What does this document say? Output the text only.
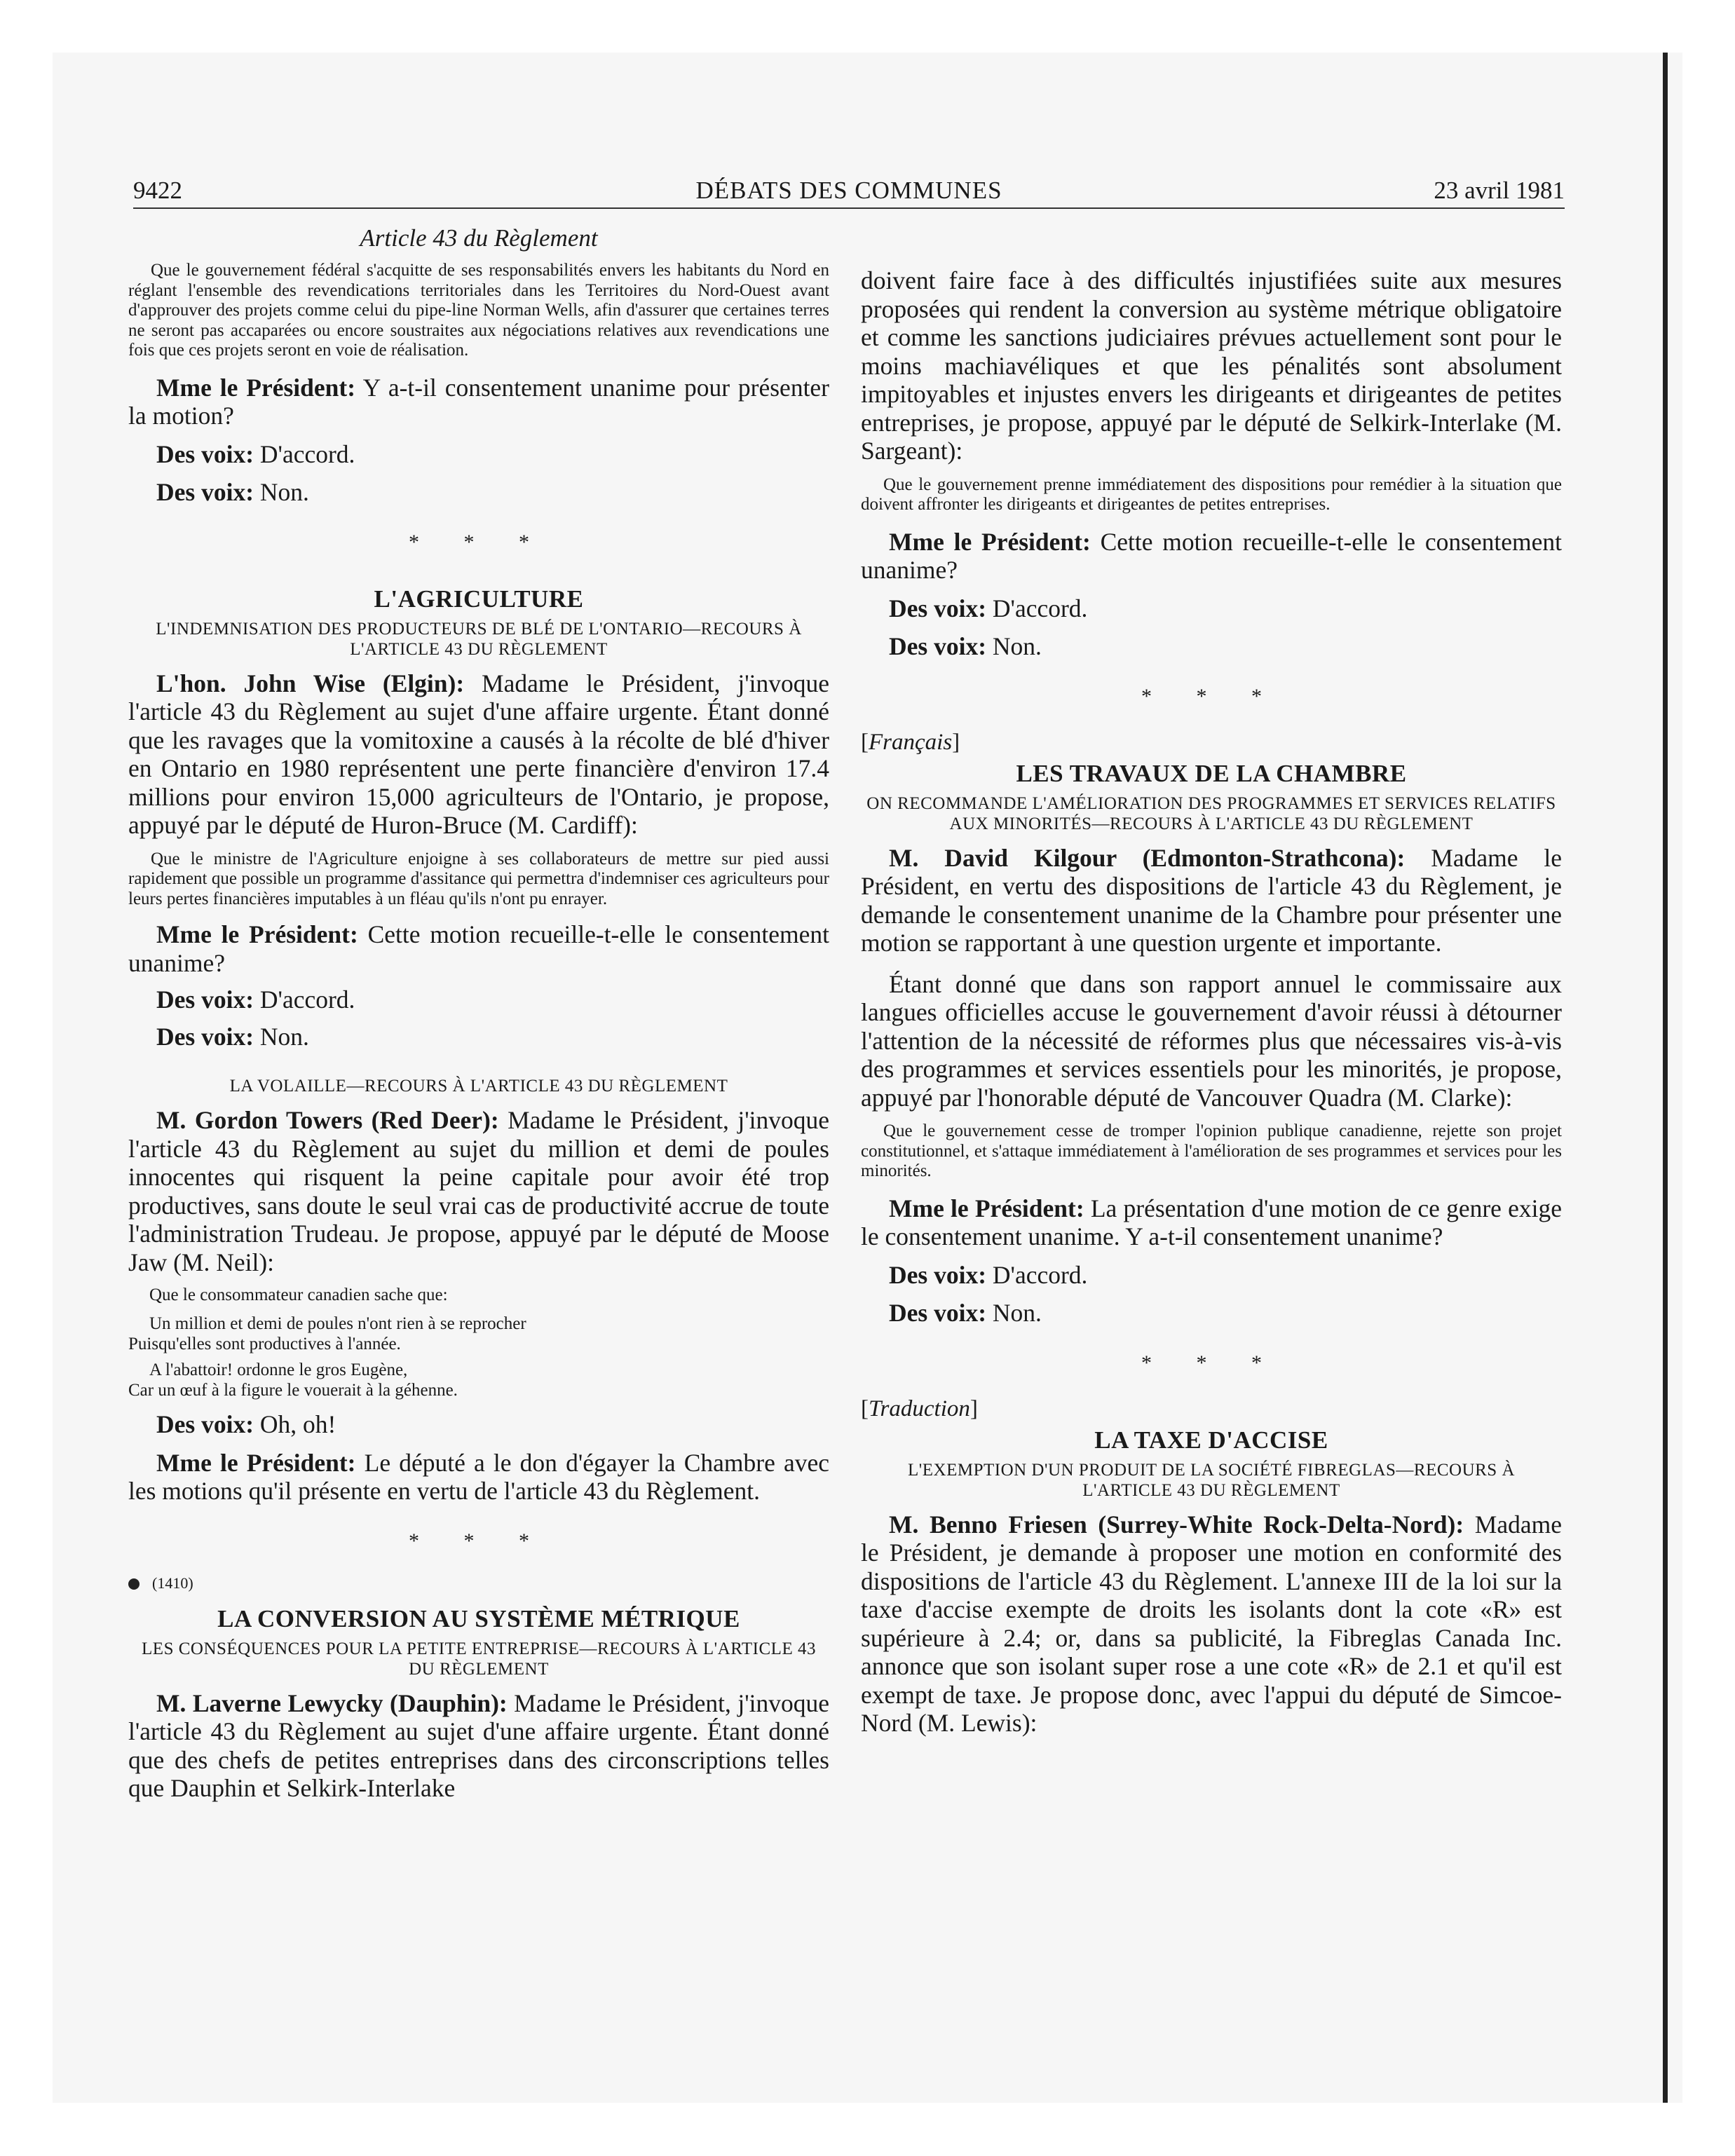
9422	DÉBATS DES COMMUNES	23 avril 1981

Article 43 du Règlement

Que le gouvernement fédéral s'acquitte de ses responsabilités envers les habitants du Nord en réglant l'ensemble des revendications territoriales dans les Territoires du Nord-Ouest avant d'approuver des projets comme celui du pipe-line Norman Wells, afin d'assurer que certaines terres ne seront pas accaparées ou encore soustraites aux négociations relatives aux revendications une fois que ces projets seront en voie de réalisation.

Mme le Président: Y a-t-il consentement unanime pour présenter la motion?

Des voix: D'accord.

Des voix: Non.

* * *

L'AGRICULTURE

L'INDEMNISATION DES PRODUCTEURS DE BLÉ DE L'ONTARIO—RECOURS À L'ARTICLE 43 DU RÈGLEMENT

L'hon. John Wise (Elgin): Madame le Président, j'invoque l'article 43 du Règlement au sujet d'une affaire urgente. Étant donné que les ravages que la vomitoxine a causés à la récolte de blé d'hiver en Ontario en 1980 représentent une perte financière d'environ 17.4 millions pour environ 15,000 agriculteurs de l'Ontario, je propose, appuyé par le député de Huron-Bruce (M. Cardiff):

Que le ministre de l'Agriculture enjoigne à ses collaborateurs de mettre sur pied aussi rapidement que possible un programme d'assitance qui permettra d'indemniser ces agriculteurs pour leurs pertes financières imputables à un fléau qu'ils n'ont pu enrayer.

Mme le Président: Cette motion recueille-t-elle le consentement unanime?

Des voix: D'accord.

Des voix: Non.

LA VOLAILLE—RECOURS À L'ARTICLE 43 DU RÈGLEMENT

M. Gordon Towers (Red Deer): Madame le Président, j'invoque l'article 43 du Règlement au sujet du million et demi de poules innocentes qui risquent la peine capitale pour avoir été trop productives, sans doute le seul vrai cas de productivité accrue de toute l'administration Trudeau. Je propose, appuyé par le député de Moose Jaw (M. Neil):

Que le consommateur canadien sache que:

Un million et demi de poules n'ont rien à se reprocher

Puisqu'elles sont productives à l'année.

A l'abattoir! ordonne le gros Eugène,

Car un œuf à la figure le vouerait à la géhenne.

Des voix: Oh, oh!

Mme le Président: Le député a le don d'égayer la Chambre avec les motions qu'il présente en vertu de l'article 43 du Règlement.

* * *

(1410)

LA CONVERSION AU SYSTÈME MÉTRIQUE

LES CONSÉQUENCES POUR LA PETITE ENTREPRISE—RECOURS À L'ARTICLE 43 DU RÈGLEMENT

M. Laverne Lewycky (Dauphin): Madame le Président, j'invoque l'article 43 du Règlement au sujet d'une affaire urgente. Étant donné que des chefs de petites entreprises dans des circonscriptions telles que Dauphin et Selkirk-Interlake

doivent faire face à des difficultés injustifiées suite aux mesures proposées qui rendent la conversion au système métrique obligatoire et comme les sanctions judiciaires prévues actuellement sont pour le moins machiavéliques et que les pénalités sont absolument impitoyables et injustes envers les dirigeants et dirigeantes de petites entreprises, je propose, appuyé par le député de Selkirk-Interlake (M. Sargeant):

Que le gouvernement prenne immédiatement des dispositions pour remédier à la situation que doivent affronter les dirigeants et dirigeantes de petites entreprises.

Mme le Président: Cette motion recueille-t-elle le consentement unanime?

Des voix: D'accord.

Des voix: Non.

* * *

[Français]

LES TRAVAUX DE LA CHAMBRE

ON RECOMMANDE L'AMÉLIORATION DES PROGRAMMES ET SERVICES RELATIFS AUX MINORITÉS—RECOURS À L'ARTICLE 43 DU RÈGLEMENT

M. David Kilgour (Edmonton-Strathcona): Madame le Président, en vertu des dispositions de l'article 43 du Règlement, je demande le consentement unanime de la Chambre pour présenter une motion se rapportant à une question urgente et importante.

Étant donné que dans son rapport annuel le commissaire aux langues officielles accuse le gouvernement d'avoir réussi à détourner l'attention de la nécessité de réformes plus que nécessaires vis-à-vis des programmes et services essentiels pour les minorités, je propose, appuyé par l'honorable député de Vancouver Quadra (M. Clarke):

Que le gouvernement cesse de tromper l'opinion publique canadienne, rejette son projet constitutionnel, et s'attaque immédiatement à l'amélioration de ses programmes et services pour les minorités.

Mme le Président: La présentation d'une motion de ce genre exige le consentement unanime. Y a-t-il consentement unanime?

Des voix: D'accord.

Des voix: Non.

* * *

[Traduction]

LA TAXE D'ACCISE

L'EXEMPTION D'UN PRODUIT DE LA SOCIÉTÉ FIBREGLAS—RECOURS À L'ARTICLE 43 DU RÈGLEMENT

M. Benno Friesen (Surrey-White Rock-Delta-Nord): Madame le Président, je demande à proposer une motion en conformité des dispositions de l'article 43 du Règlement. L'annexe III de la loi sur la taxe d'accise exempte de droits les isolants dont la cote «R» est supérieure à 2.4; or, dans sa publicité, la Fibreglas Canada Inc. annonce que son isolant super rose a une cote «R» de 2.1 et qu'il est exempt de taxe. Je propose donc, avec l'appui du député de Simcoe-Nord (M. Lewis):
